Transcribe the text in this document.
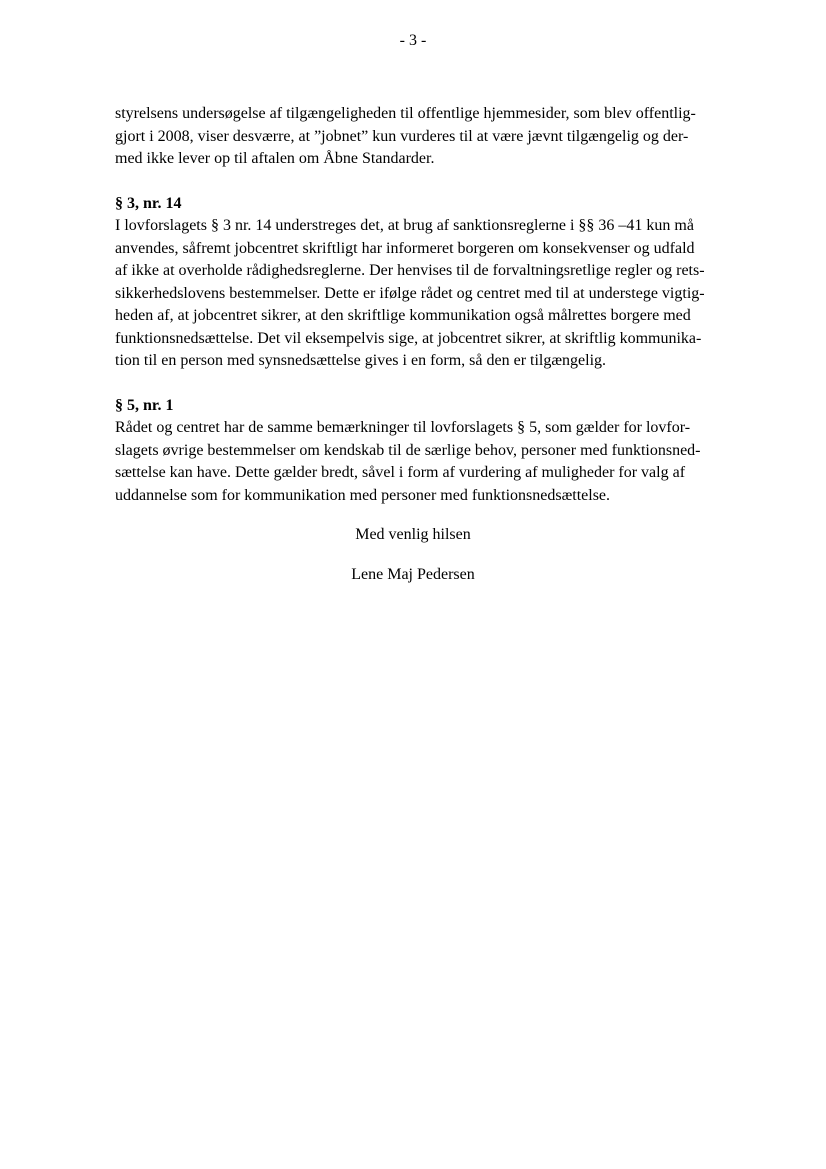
- 3 -

styrelsens undersøgelse af tilgængeligheden til offentlige hjemmesider, som blev offentlig-
gjort i 2008, viser desværre, at ”jobnet” kun vurderes til at være jævnt tilgængelig og der-
med ikke lever op til aftalen om Åbne Standarder.

§ 3, nr. 14

I lovforslagets § 3 nr. 14 understreges det, at brug af sanktionsreglerne i §§ 36 –41 kun må
anvendes, såfremt jobcentret skriftligt har informeret borgeren om konsekvenser og udfald
af ikke at overholde rådighedsreglerne. Der henvises til de forvaltningsretlige regler og rets-
sikkerhedslovens bestemmelser. Dette er ifølge rådet og centret med til at understege vigtig-
heden af, at jobcentret sikrer, at den skriftlige kommunikation også målrettes borgere med
funktionsnedsættelse. Det vil eksempelvis sige, at jobcentret sikrer, at skriftlig kommunika-
tion til en person med synsnedsættelse gives i en form, så den er tilgængelig.

§ 5, nr. 1

Rådet og centret har de samme bemærkninger til lovforslagets § 5, som gælder for lovfor-
slagets øvrige bestemmelser om kendskab til de særlige behov, personer med funktionsned-
sættelse kan have. Dette gælder bredt, såvel i form af vurdering af muligheder for valg af
uddannelse som for kommunikation med personer med funktionsnedsættelse.

Med venlig hilsen
Lene Maj Pedersen
